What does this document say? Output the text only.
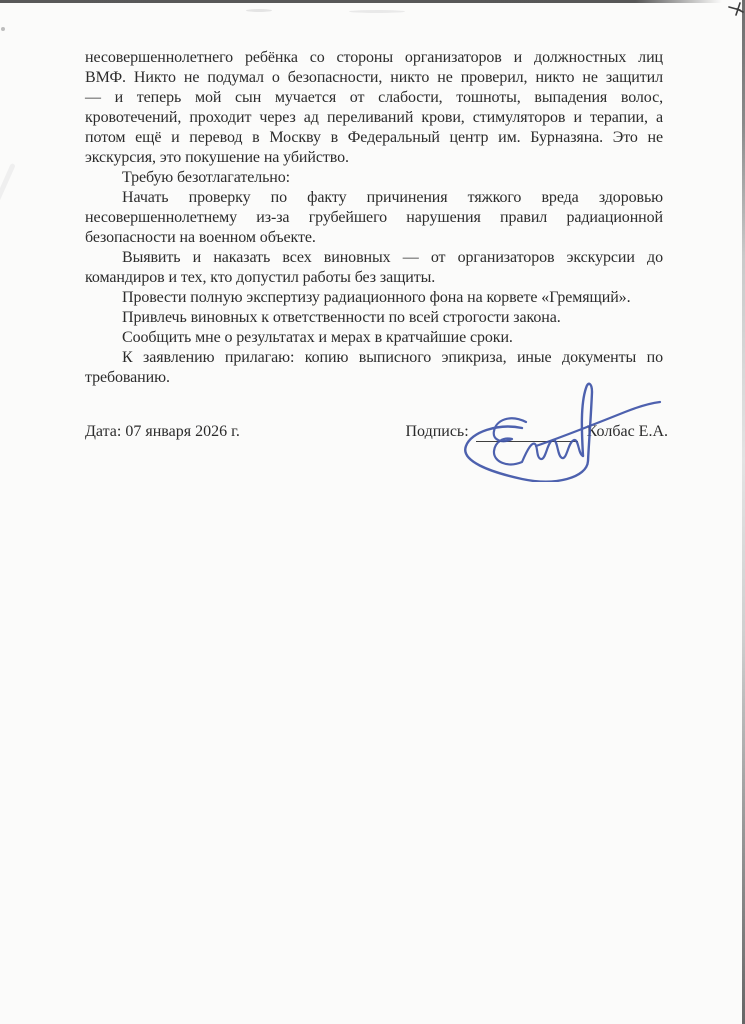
несовершеннолетнего ребёнка со стороны организаторов и должностных лиц
ВМФ. Никто не подумал о безопасности, никто не проверил, никто не защитил
— и теперь мой сын мучается от слабости, тошноты, выпадения волос,
кровотечений, проходит через ад переливаний крови, стимуляторов и терапии, а
потом ещё и перевод в Москву в Федеральный центр им. Бурназяна. Это не
экскурсия, это покушение на убийство.
Требую безотлагательно:
Начать проверку по факту причинения тяжкого вреда здоровью
несовершеннолетнему из-за грубейшего нарушения правил радиационной
безопасности на военном объекте.
Выявить и наказать всех виновных — от организаторов экскурсии до
командиров и тех, кто допустил работы без защиты.
Провести полную экспертизу радиационного фона на корвете «Гремящий».
Привлечь виновных к ответственности по всей строгости закона.
Сообщить мне о результатах и мерах в кратчайшие сроки.
К заявлению прилагаю: копию выписного эпикриза, иные документы по
требованию.
Дата: 07 января 2026 г.	Подпись:	Колбас Е.А.
